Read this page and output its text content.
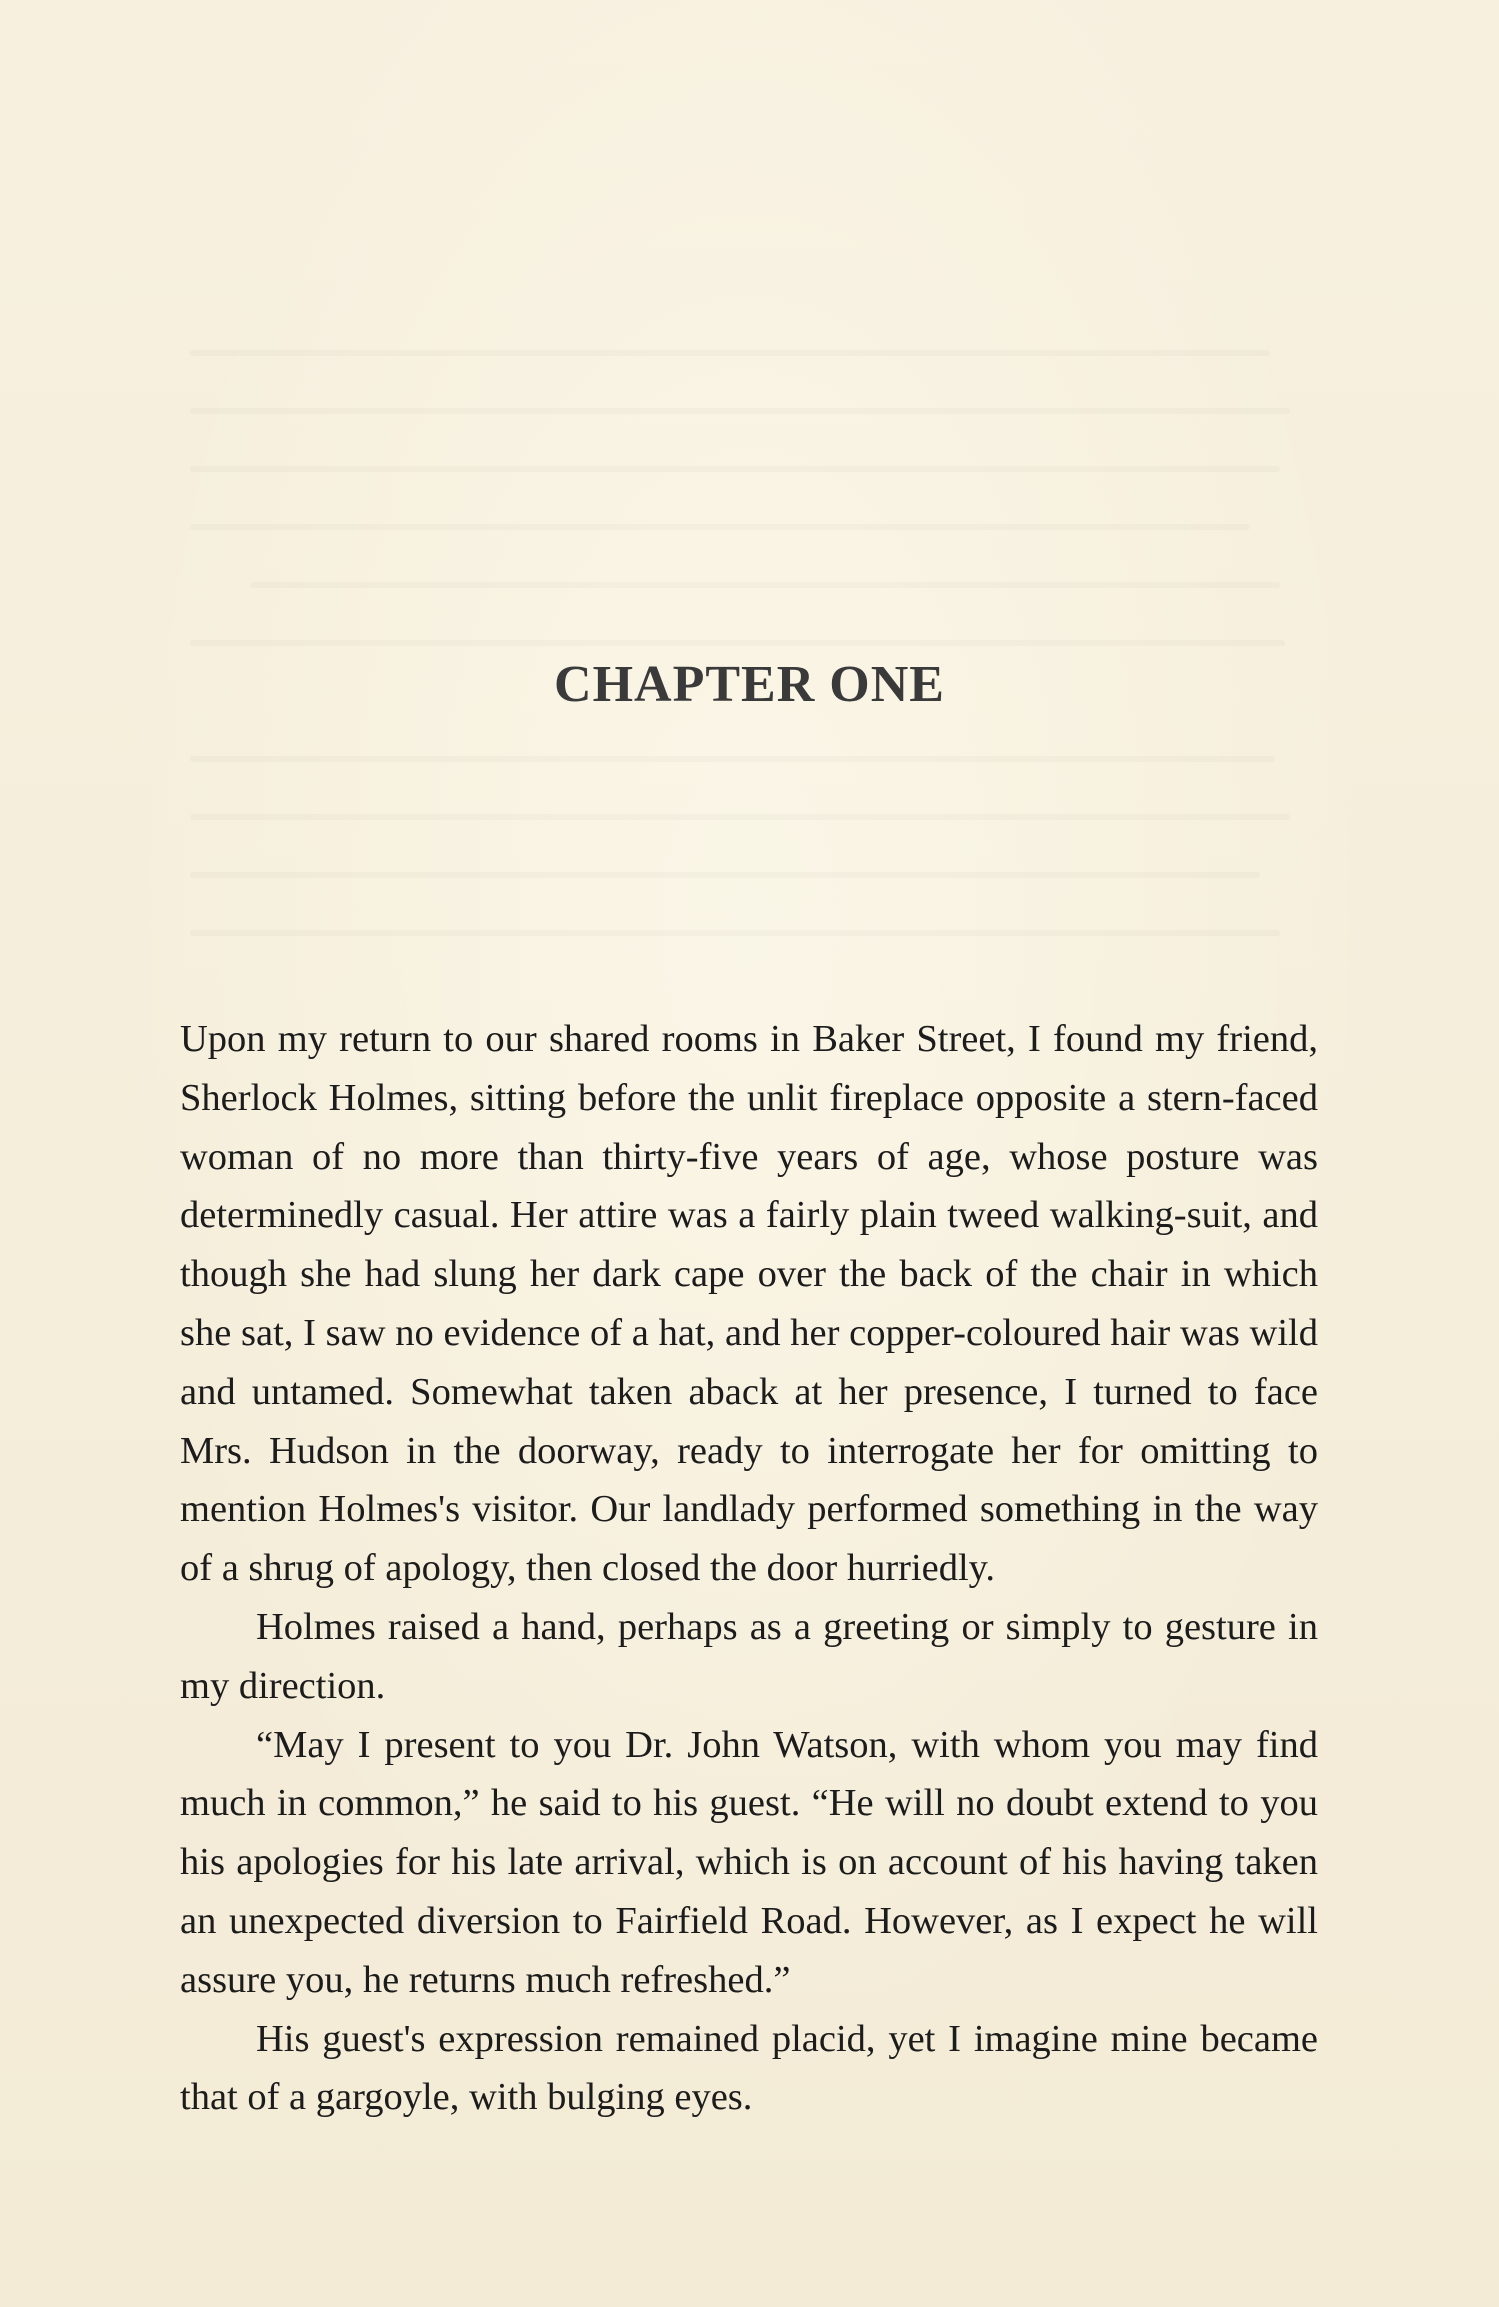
CHAPTER ONE

Upon my return to our shared rooms in Baker Street, I found my friend, Sherlock Holmes, sitting before the unlit fireplace opposite a stern-faced woman of no more than thirty-five years of age, whose posture was determinedly casual. Her attire was a fairly plain tweed walking-suit, and though she had slung her dark cape over the back of the chair in which she sat, I saw no evidence of a hat, and her copper-coloured hair was wild and untamed. Somewhat taken aback at her presence, I turned to face Mrs. Hudson in the doorway, ready to interrogate her for omitting to mention Holmes's visitor. Our landlady performed something in the way of a shrug of apology, then closed the door hurriedly.

Holmes raised a hand, perhaps as a greeting or simply to gesture in my direction.

“May I present to you Dr. John Watson, with whom you may find much in common,” he said to his guest. “He will no doubt extend to you his apologies for his late arrival, which is on account of his having taken an unexpected diversion to Fairfield Road. However, as I expect he will assure you, he returns much refreshed.”

His guest's expression remained placid, yet I imagine mine became that of a gargoyle, with bulging eyes.
